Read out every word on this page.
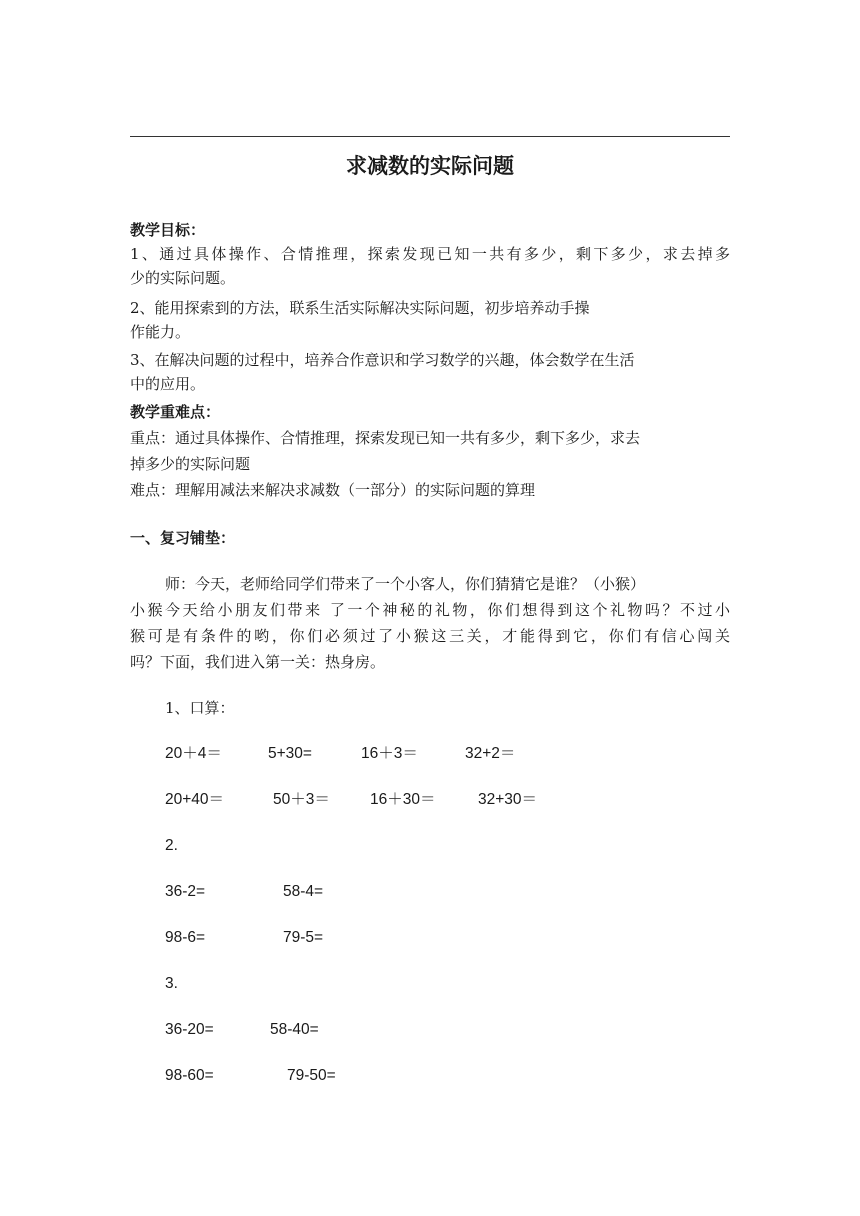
求减数的实际问题
教学目标：
1、通过具体操作、合情推理，探索发现已知一共有多少，剩下多少，求去掉多
少的实际问题。
2、能用探索到的方法，联系生活实际解决实际问题，初步培养动手操
作能力。
3、在解决问题的过程中，培养合作意识和学习数学的兴趣，体会数学在生活
中的应用。
教学重难点：
重点：通过具体操作、合情推理，探索发现已知一共有多少，剩下多少，求去
掉多少的实际问题
难点：理解用减法来解决求减数（一部分）的实际问题的算理
一、复习铺垫：
师：今天，老师给同学们带来了一个小客人，你们猜猜它是谁？（小猴）
小猴今天给小朋友们带来 了一个神秘的礼物，你们想得到这个礼物吗？不过小
猴可是有条件的哟，你们必须过了小猴这三关，才能得到它，你们有信心闯关
吗？下面，我们进入第一关：热身房。
1、口算：
20＋4＝	5+30=	16＋3＝	32+2＝
20+40＝	50＋3＝	16＋30＝	32+30＝
2.
36-2=	58-4=
98-6=	79-5=
3.
36-20=	58-40=
98-60=	79-50=
